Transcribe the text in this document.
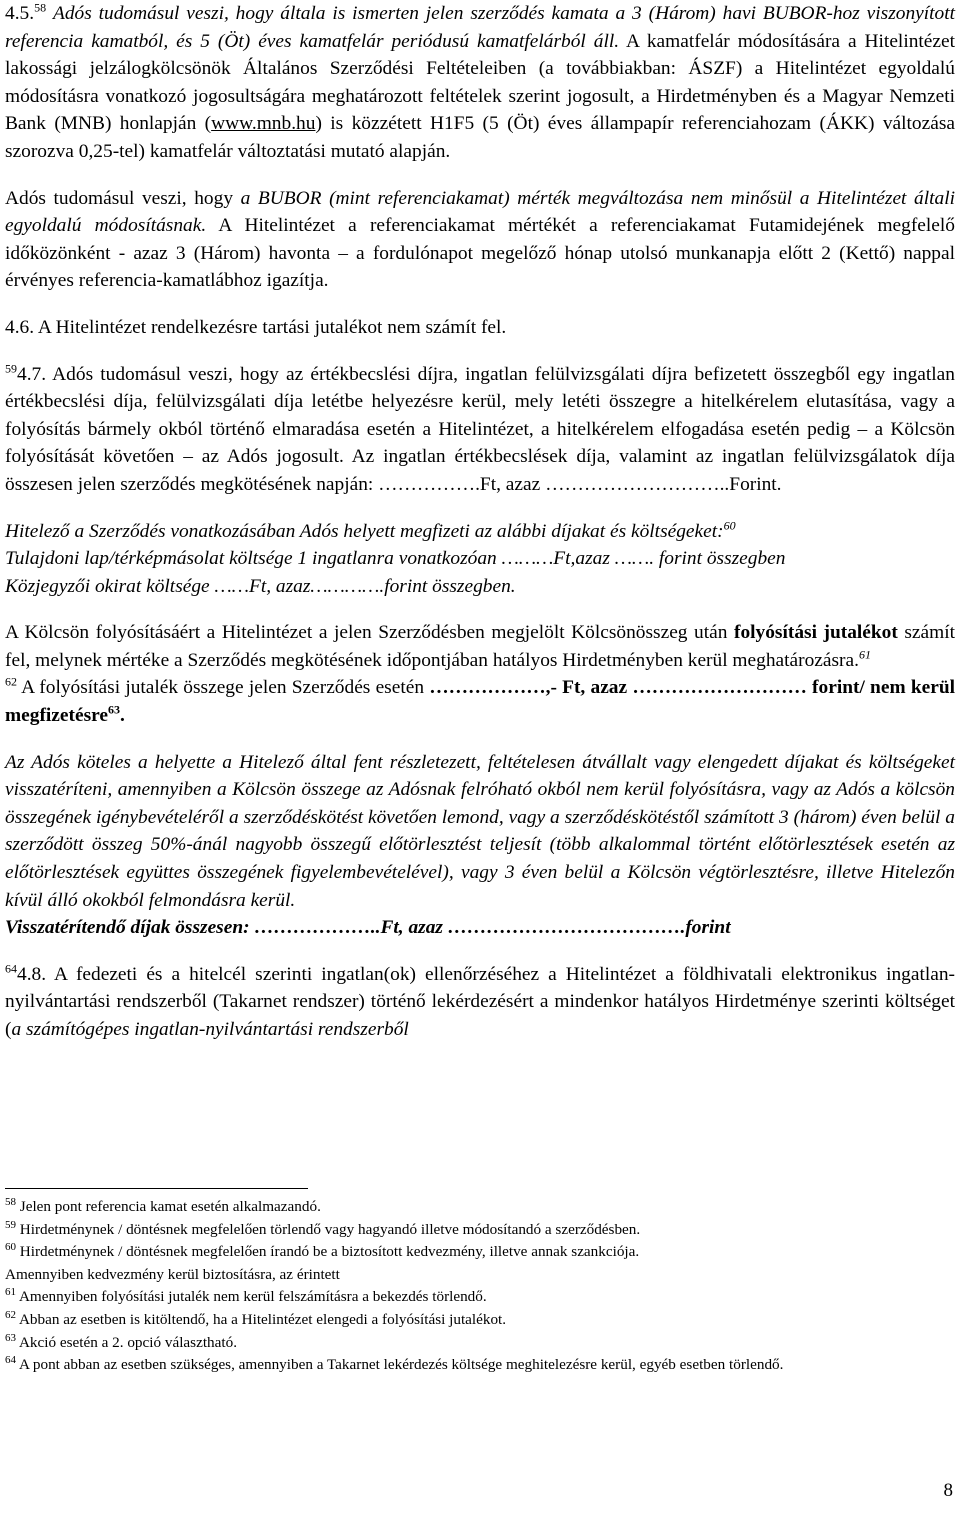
4.5.58 Adós tudomásul veszi, hogy általa is ismerten jelen szerződés kamata a 3 (Három) havi BUBOR-hoz viszonyított referencia kamatból, és 5 (Öt) éves kamatfelár periódusú kamatfelárból áll. A kamatfelár módosítására a Hitelintézet lakossági jelzálogkölcsönök Általános Szerződési Feltételeiben (a továbbiakban: ÁSZF) a Hitelintézet egyoldalú módosításra vonatkozó jogosultságára meghatározott feltételek szerint jogosult, a Hirdetményben és a Magyar Nemzeti Bank (MNB) honlapján (www.mnb.hu) is közzétett H1F5 (5 (Öt) éves állampapír referenciahozam (ÁKK) változása szorozva 0,25-tel) kamatfelár változtatási mutató alapján.

Adós tudomásul veszi, hogy a BUBOR (mint referenciakamat) mérték megváltozása nem minősül a Hitelintézet általi egyoldalú módosításnak. A Hitelintézet a referenciakamat mértékét a referenciakamat Futamidejének megfelelő időközönként - azaz 3 (Három) havonta – a fordulónapot megelőző hónap utolsó munkanapja előtt 2 (Kettő) nappal érvényes referencia-kamatlábhoz igazítja.

4.6. A Hitelintézet rendelkezésre tartási jutalékot nem számít fel.

$^{59}$4.7. Adós tudomásul veszi, hogy az értékbecslési díjra, ingatlan felülvizsgálati díjra befizetett összegből egy ingatlan értékbecslési díja, felülvizsgálati díja letétbe helyezésre kerül, mely letéti összegre a hitelkérelem elutasítása, vagy a folyósítás bármely okból történő elmaradása esetén a Hitelintézet, a hitelkérelem elfogadása esetén pedig – a Kölcsön folyósítását követően – az Adós jogosult. Az ingatlan értékbecslések díja, valamint az ingatlan felülvizsgálatok díja összesen jelen szerződés megkötésének napján: …………….Ft, azaz ………………………..Forint.

Hitelező a Szerződés vonatkozásában Adós helyett megfizeti az alábbi díjakat és költségeket:$^{60}$
Tulajdoni lap/térképmásolat költsége 1 ingatlanra vonatkozóan ………Ft,azaz ……. forint összegben
Közjegyzői okirat költsége ……Ft, azaz………….forint összegben.

A Kölcsön folyósításáért a Hitelintézet a jelen Szerződésben megjelölt Kölcsönösszeg után folyósítási jutalékot számít fel, melynek mértéke a Szerződés megkötésének időpontjában hatályos Hirdetményben kerül meghatározásra.$^{61}$

$^{62}$ A folyósítási jutalék összege jelen Szerződés esetén ………………,- Ft, azaz ……………………… forint/ nem kerül megfizetésre$^{63}$.

Az Adós köteles a helyette a Hitelező által fent részletezett, feltételesen átvállalt vagy elengedett díjakat és költségeket visszatéríteni, amennyiben a Kölcsön összege az Adósnak felróható okból nem kerül folyósításra, vagy az Adós a kölcsön összegének igénybevételéről a szerződéskötést követően lemond, vagy a szerződéskötéstől számított 3 (három) éven belül a szerződött összeg 50%-ánál nagyobb összegű előtörlesztést teljesít (több alkalommal történt előtörlesztések esetén az előtörlesztések együttes összegének figyelembevételével), vagy 3 éven belül a Kölcsön végtörlesztésre, illetve Hitelezőn kívül álló okokból felmondásra kerül.
Visszatérítendő díjak összesen: ………………..Ft, azaz ……………………………….forint

$^{64}$4.8. A fedezeti és a hitelcél szerinti ingatlan(ok) ellenőrzéséhez a Hitelintézet a földhivatali elektronikus ingatlan-nyilvántartási rendszerből (Takarnet rendszer) történő lekérdezésért a mindenkor hatályos Hirdetménye szerinti költséget (a számítógépes ingatlan-nyilvántartási rendszerből

$^{58}$ Jelen pont referencia kamat esetén alkalmazandó.

$^{59}$ Hirdetménynek / döntésnek megfelelően törlendő vagy hagyandó illetve módosítandó a szerződésben.

$^{60}$ Hirdetménynek / döntésnek megfelelően írandó be a biztosított kedvezmény, illetve annak szankciója.

Amennyiben kedvezmény kerül biztosításra, az érintett

$^{61}$ Amennyiben folyósítási jutalék nem kerül felszámításra a bekezdés törlendő.

$^{62}$ Abban az esetben is kitöltendő, ha a Hitelintézet elengedi a folyósítási jutalékot.

$^{63}$ Akció esetén a 2. opció választható.

$^{64}$ A pont abban az esetben szükséges, amennyiben a Takarnet lekérdezés költsége meghitelezésre kerül, egyéb esetben törlendő.

8
